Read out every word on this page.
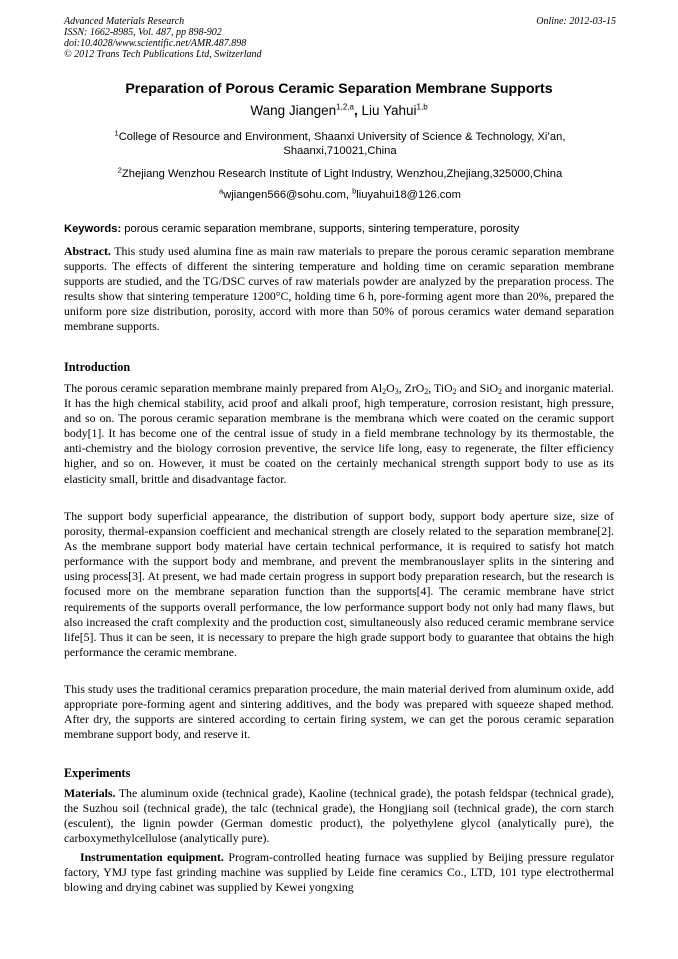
Advanced Materials Research
ISSN: 1662-8985, Vol. 487, pp 898-902
doi:10.4028/www.scientific.net/AMR.487.898
© 2012 Trans Tech Publications Ltd, Switzerland
Online: 2012-03-15
Preparation of Porous Ceramic Separation Membrane Supports
Wang Jiangen$^{1,2,a}$, Liu Yahui$^{1,b}$
$^1$College of Resource and Environment, Shaanxi University of Science & Technology, Xi’an, Shaanxi,710021,China
$^2$Zhejiang Wenzhou Research Institute of Light Industry, Wenzhou,Zhejiang,325000,China
$^a$wjiangen566@sohu.com, $^b$liuyahui18@126.com
Keywords: porous ceramic separation membrane, supports, sintering temperature, porosity
Abstract. This study used alumina fine as main raw materials to prepare the porous ceramic separation membrane supports. The effects of different the sintering temperature and holding time on ceramic separation membrane supports are studied, and the TG/DSC curves of raw materials powder are analyzed by the preparation process. The results show that sintering temperature 1200°C, holding time 6 h, pore-forming agent more than 20%, prepared the uniform pore size distribution, porosity, accord with more than 50% of porous ceramics water demand separation membrane supports.
Introduction
The porous ceramic separation membrane mainly prepared from $Al_2O_3$, ZrO$_2$, TiO$_2$ and SiO$_2$ and inorganic material. It has the high chemical stability, acid proof and alkali proof, high temperature, corrosion resistant, high pressure, and so on. The porous ceramic separation membrane is the membrana which were coated on the ceramic support body[1]. It has become one of the central issue of study in a field membrane technology by its thermostable, the anti-chemistry and the biology corrosion preventive, the service life long, easy to regenerate, the filter efficiency higher, and so on. However, it must be coated on the certainly mechanical strength support body to use as its elasticity small, brittle and disadvantage factor.
The support body superficial appearance, the distribution of support body, support body aperture size, size of porosity, thermal-expansion coefficient and mechanical strength are closely related to the separation membrane[2]. As the membrane support body material have certain technical performance, it is required to satisfy hot match performance with the support body and membrane, and prevent the membranouslayer splits in the sintering and using process[3]. At present, we had made certain progress in support body preparation research, but the research is focused more on the membrane separation function than the supports[4]. The ceramic membrane have strict requirements of the supports overall performance, the low performance support body not only had many flaws, but also increased the craft complexity and the production cost, simultaneously also reduced ceramic membrane service life[5]. Thus it can be seen, it is necessary to prepare the high grade support body to guarantee that obtains the high performance the ceramic membrane.
This study uses the traditional ceramics preparation procedure, the main material derived from aluminum oxide, add appropriate pore-forming agent and sintering additives, and the body was prepared with squeeze shaped method. After dry, the supports are sintered according to certain firing system, we can get the porous ceramic separation membrane support body, and reserve it.
Experiments
Materials. The aluminum oxide (technical grade), Kaoline (technical grade), the potash feldspar (technical grade), the Suzhou soil (technical grade), the talc (technical grade), the Hongjiang soil (technical grade), the corn starch (esculent), the lignin powder (German domestic product), the polyethylene glycol (analytically pure), the carboxymethylcellulose (analytically pure).
Instrumentation equipment. Program-controlled heating furnace was supplied by Beijing pressure regulator factory, YMJ type fast grinding machine was supplied by Leide fine ceramics Co., LTD, 101 type electrothermal blowing and drying cabinet was supplied by Kewei yongxing
